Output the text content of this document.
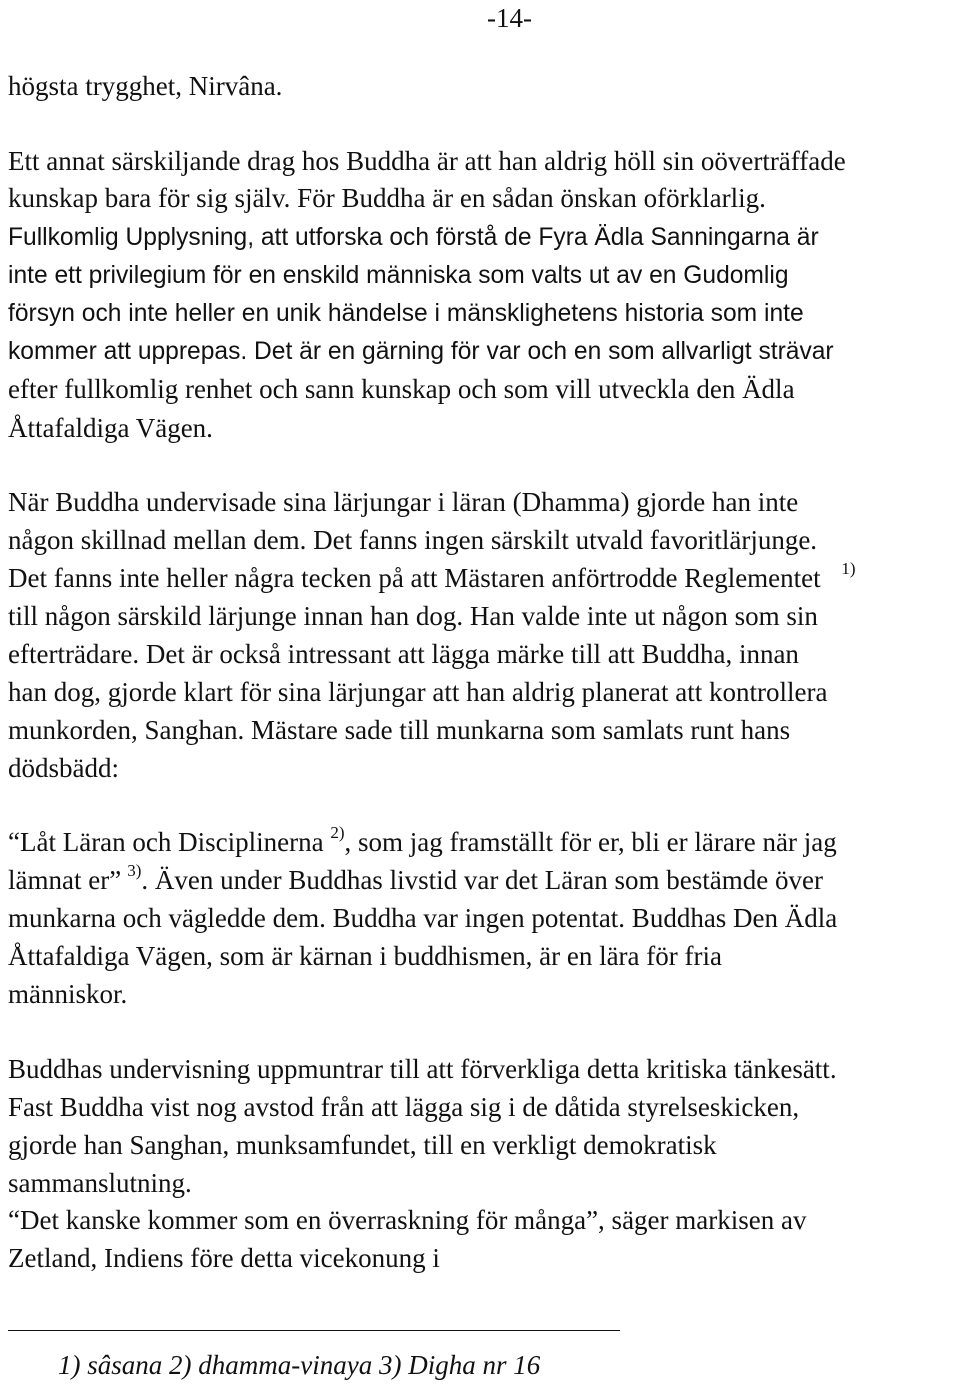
-14-
högsta trygghet, Nirvâna.
Ett annat särskiljande drag hos Buddha är att han aldrig höll sin oöverträffade
kunskap bara för sig själv. För Buddha är en sådan önskan oförklarlig.
Fullkomlig Upplysning, att utforska och förstå de Fyra Ädla Sanningarna är
inte ett privilegium för en enskild människa som valts ut av en Gudomlig
försyn och inte heller en unik händelse i mänsklighetens historia som inte
kommer att upprepas. Det är en gärning för var och en som allvarligt strävar
efter fullkomlig renhet och sann kunskap och som vill utveckla den Ädla
Åttafaldiga Vägen.
När Buddha undervisade sina lärjungar i läran (Dhamma) gjorde han inte
någon skillnad mellan dem. Det fanns ingen särskilt utvald favoritlärjunge.
Det fanns inte heller några tecken på att Mästaren anförtrodde Reglementet $^{1)}$
till någon särskild lärjunge innan han dog. Han valde inte ut någon som sin
efterträdare. Det är också intressant att lägga märke till att Buddha, innan
han dog, gjorde klart för sina lärjungar att han aldrig planerat att kontrollera
munkorden, Sanghan. Mästare sade till munkarna som samlats runt hans
dödsbädd:
“Låt Läran och Disciplinerna $^{2)}$, som jag framställt för er, bli er lärare när jag
lämnat er” $^{3)}$. Även under Buddhas livstid var det Läran som bestämde över
munkarna och vägledde dem. Buddha var ingen potentat. Buddhas Den Ädla
Åttafaldiga Vägen, som är kärnan i buddhismen, är en lära för fria
människor.
Buddhas undervisning uppmuntrar till att förverkliga detta kritiska tänkesätt.
Fast Buddha vist nog avstod från att lägga sig i de dåtida styrelseskicken,
gjorde han Sanghan, munksamfundet, till en verkligt demokratisk
sammanslutning.
“Det kanske kommer som en överraskning för många”, säger markisen av
Zetland, Indiens före detta vicekonung i
1) sâsana 2) dhamma-vinaya 3) Digha nr 16
